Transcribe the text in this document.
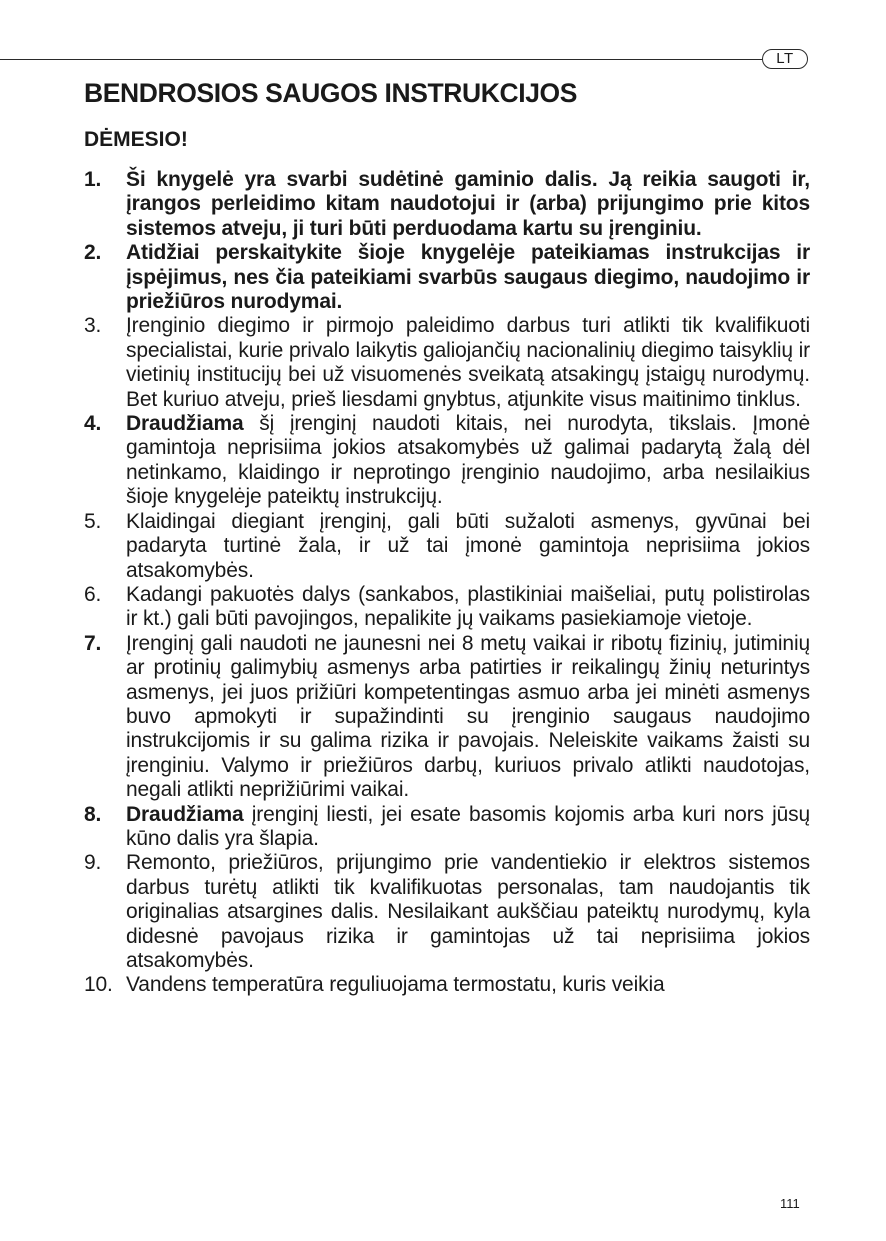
LT
BENDROSIOS SAUGOS INSTRUKCIJOS
DĖMESIO!
1. Ši knygelė yra svarbi sudėtinė gaminio dalis. Ją reikia saugoti ir, įrangos perleidimo kitam naudotojui ir (arba) prijungimo prie kitos sistemos atveju, ji turi būti perduodama kartu su įrenginiu.
2. Atidžiai perskaitykite šioje knygelėje pateikiamas instrukcijas ir įspėjimus, nes čia pateikiami svarbūs saugaus diegimo, naudojimo ir priežiūros nurodymai.
3. Įrenginio diegimo ir pirmojo paleidimo darbus turi atlikti tik kvalifikuoti specialistai, kurie privalo laikytis galiojančių nacionalinių diegimo taisyklių ir vietinių institucijų bei už visuomenės sveikatą atsakingų įstaigų nurodymų. Bet kuriuo atveju, prieš liesdami gnybtus, atjunkite visus maitinimo tinklus.
4. Draudžiama šį įrenginį naudoti kitais, nei nurodyta, tikslais. Įmonė gamintoja neprisiima jokios atsakomybės už galimai padarytą žalą dėl netinkamo, klaidingo ir neprotingo įrenginio naudojimo, arba nesilaikius šioje knygelėje pateiktų instrukcijų.
5. Klaidingai diegiant įrenginį, gali būti sužaloti asmenys, gyvūnai bei padaryta turtinė žala, ir už tai įmonė gamintoja neprisiima jokios atsakomybės.
6. Kadangi pakuotės dalys (sankabos, plastikiniai maišeliai, putų polistirolas ir kt.) gali būti pavojingos, nepalikite jų vaikams pasiekiamoje vietoje.
7. Įrenginį gali naudoti ne jaunesni nei 8 metų vaikai ir ribotų fizinių, jutiminių ar protinių galimybių asmenys arba patirties ir reikalingų žinių neturintys asmenys, jei juos prižiūri kompetentingas asmuo arba jei minėti asmenys buvo apmokyti ir supažindinti su įrenginio saugaus naudojimo instrukcijomis ir su galima rizika ir pavojais. Neleiskite vaikams žaisti su įrenginiu. Valymo ir priežiūros darbų, kuriuos privalo atlikti naudotojas, negali atlikti neprižiūrimi vaikai.
8. Draudžiama įrenginį liesti, jei esate basomis kojomis arba kuri nors jūsų kūno dalis yra šlapia.
9. Remonto, priežiūros, prijungimo prie vandentiekio ir elektros sistemos darbus turėtų atlikti tik kvalifikuotas personalas, tam naudojantis tik originalias atsargines dalis. Nesilaikant aukščiau pateiktų nurodymų, kyla didesnė pavojaus rizika ir gamintojas už tai neprisiima jokios atsakomybės.
10. Vandens temperatūra reguliuojama termostatu, kuris veikia
111
